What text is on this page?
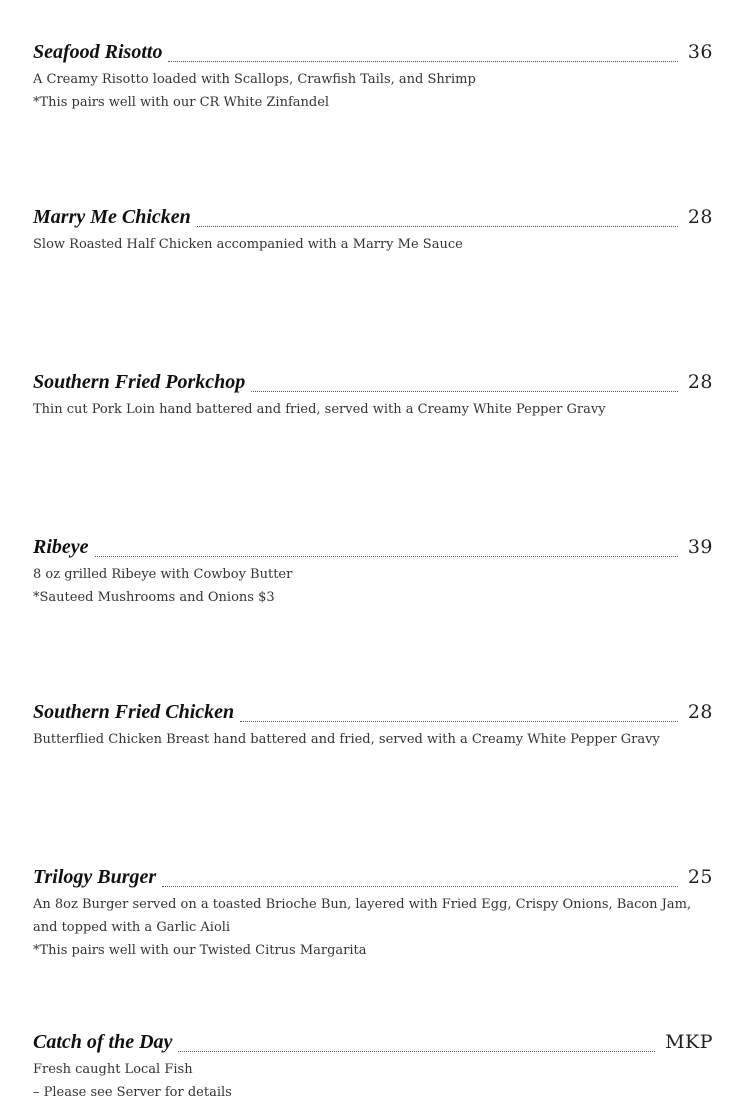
Seafood Risotto	36
A Creamy Risotto loaded with Scallops, Crawfish Tails, and Shrimp
*This pairs well with our CR White Zinfandel
Marry Me Chicken	28
Slow Roasted Half Chicken accompanied with a Marry Me Sauce
Southern Fried Porkchop	28
Thin cut Pork Loin hand battered and fried, served with a Creamy White Pepper Gravy
Ribeye	39
8 oz grilled Ribeye with Cowboy Butter
*Sauteed Mushrooms and Onions $3
Southern Fried Chicken	28
Butterflied Chicken Breast hand battered and fried, served with a Creamy White Pepper Gravy
Trilogy Burger	25
An 8oz Burger served on a toasted Brioche Bun, layered with Fried Egg, Crispy Onions, Bacon Jam, and topped with a Garlic Aioli
*This pairs well with our Twisted Citrus Margarita
Catch of the Day	MKP
Fresh caught Local Fish
– Please see Server for details
